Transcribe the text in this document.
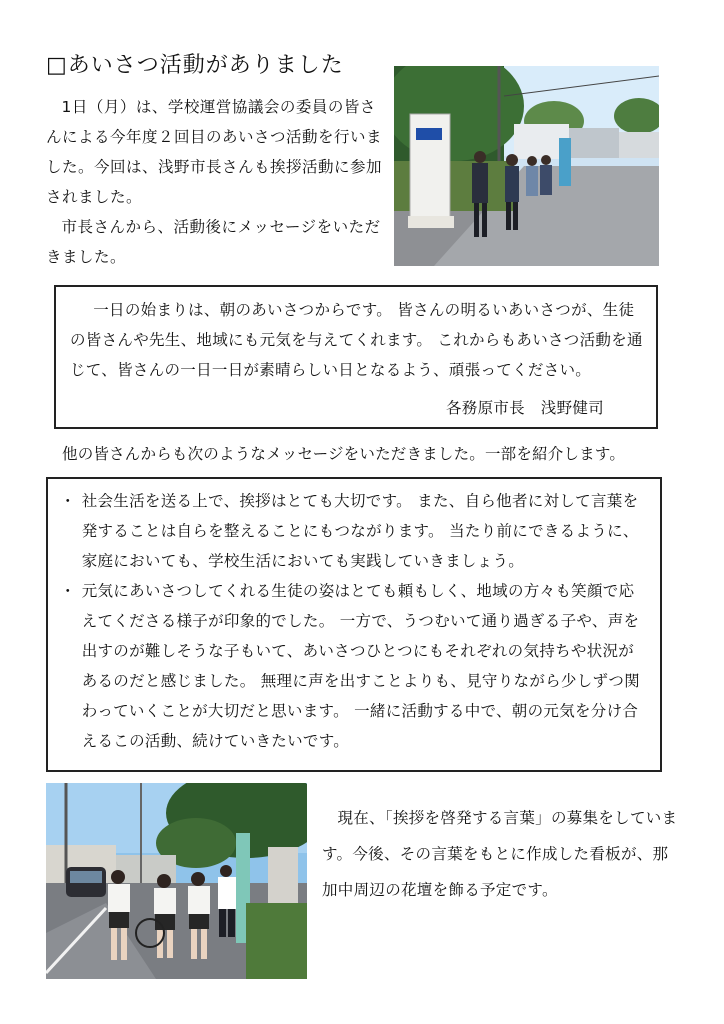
□あいさつ活動がありました

1日（月）は、学校運営協議会の委員の皆さんによる今年度２回目のあいさつ活動を行いました。今回は、浅野市長さんも挨拶活動に参加されました。

市長さんから、活動後にメッセージをいただきました。

一日の始まりは、朝のあいさつからです。 皆さんの明るいあいさつが、生徒の皆さんや先生、地域にも元気を与えてくれます。 これからもあいさつ活動を通じて、皆さんの一日一日が素晴らしい日となるよう、頑張ってください。
各務原市長　浅野健司
他の皆さんからも次のようなメッセージをいただきました。一部を紹介します。
・ 社会生活を送る上で、挨拶はとても大切です。 また、自ら他者に対して言葉を発することは自らを整えることにもつながります。 当たり前にできるように、家庭においても、学校生活においても実践していきましょう。
・ 元気にあいさつしてくれる生徒の姿はとても頼もしく、地域の方々も笑顔で応えてくださる様子が印象的でした。 一方で、うつむいて通り過ぎる子や、声を出すのが難しそうな子もいて、あいさつひとつにもそれぞれの気持ちや状況があるのだと感じました。 無理に声を出すことよりも、見守りながら少しずつ関わっていくことが大切だと思います。 一緒に活動する中で、朝の元気を分け合えるこの活動、続けていきたいです。

現在、「挨拶を啓発する言葉」の募集をしています。今後、その言葉をもとに作成した看板が、那加中周辺の花壇を飾る予定です。
